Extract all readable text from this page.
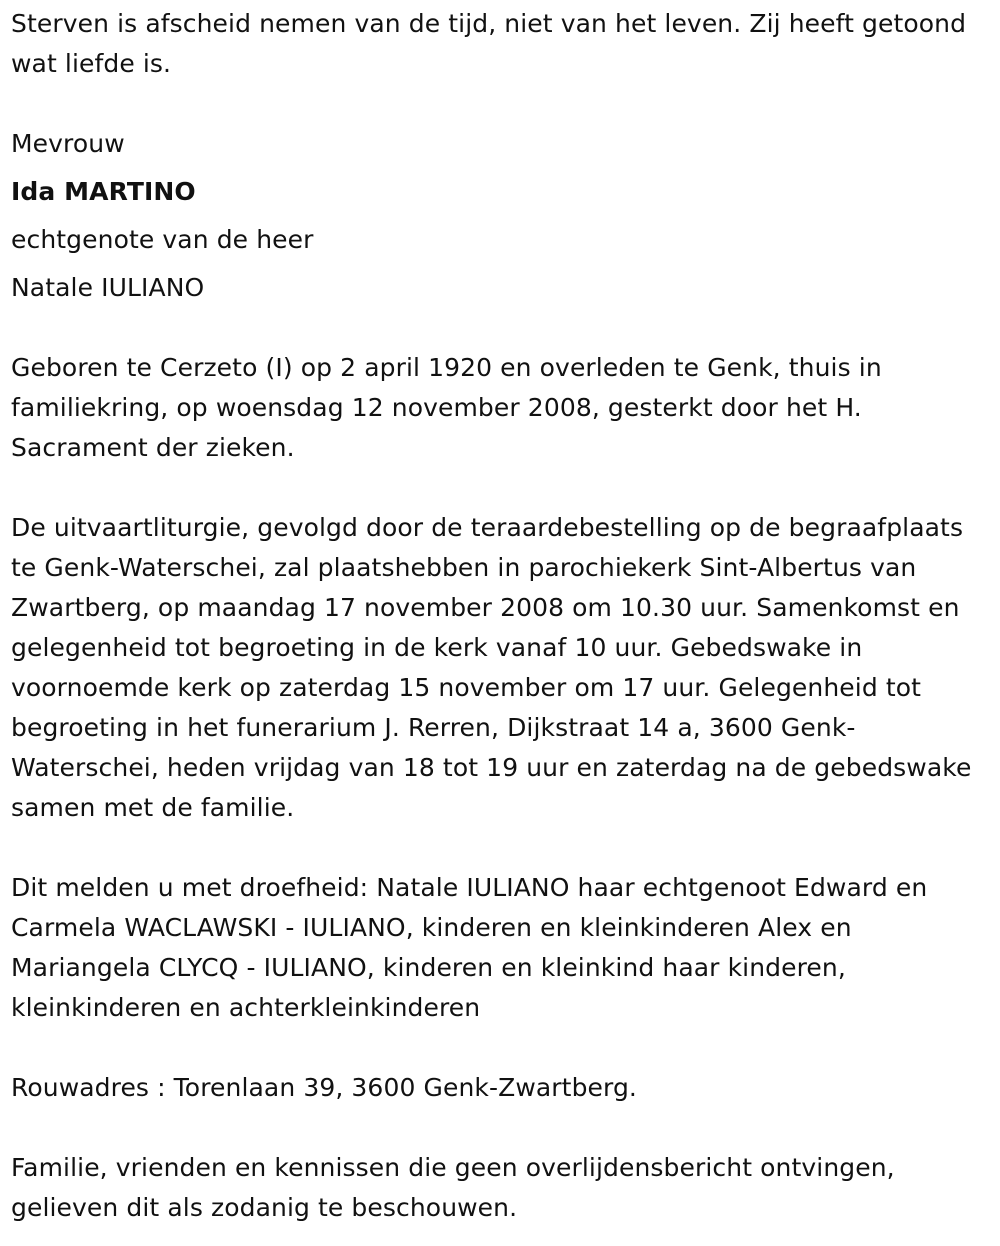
Sterven is afscheid nemen van de tijd, niet van het leven. Zij heeft getoond wat liefde is.

Mevrouw
Ida MARTINO
echtgenote van de heer
Natale IULIANO

Geboren te Cerzeto (I) op 2 april 1920 en overleden te Genk, thuis in familiekring, op woensdag 12 november 2008, gesterkt door het H. Sacrament der zieken.

De uitvaartliturgie, gevolgd door de teraardebestelling op de begraafplaats te Genk-Waterschei, zal plaatshebben in parochiekerk Sint-Albertus van Zwartberg, op maandag 17 november 2008 om 10.30 uur. Samenkomst en gelegenheid tot begroeting in de kerk vanaf 10 uur. Gebedswake in voornoemde kerk op zaterdag 15 november om 17 uur. Gelegenheid tot begroeting in het funerarium J. Rerren, Dijkstraat 14 a, 3600 Genk-Waterschei, heden vrijdag van 18 tot 19 uur en zaterdag na de gebedswake samen met de familie.

Dit melden u met droefheid: Natale IULIANO haar echtgenoot Edward en Carmela WACLAWSKI - IULIANO, kinderen en kleinkinderen Alex en Mariangela CLYCQ - IULIANO, kinderen en kleinkind haar kinderen, kleinkinderen en achterkleinkinderen

Rouwadres : Torenlaan 39, 3600 Genk-Zwartberg.

Familie, vrienden en kennissen die geen overlijdensbericht ontvingen, gelieven dit als zodanig te beschouwen.
